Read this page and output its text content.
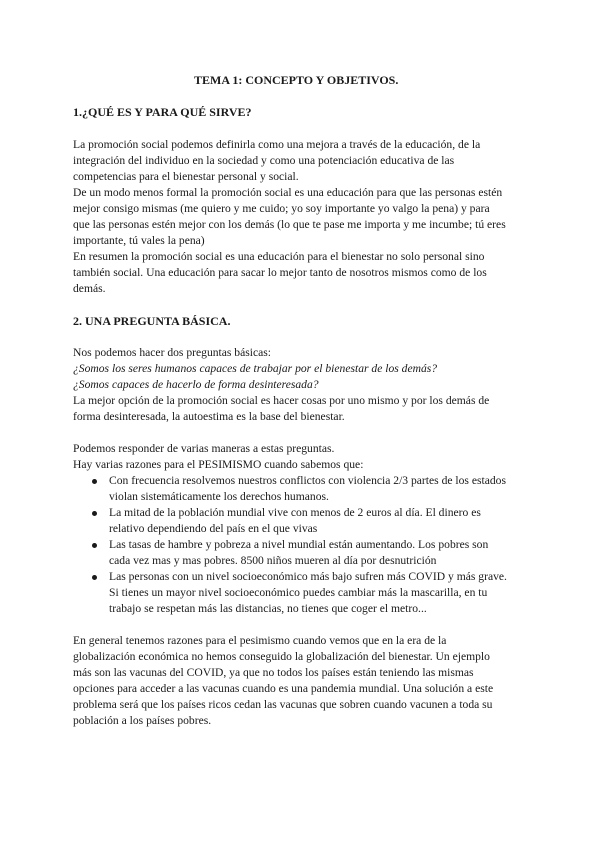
TEMA 1: CONCEPTO Y OBJETIVOS.
1.¿QUÉ ES Y PARA QUÉ SIRVE?
La promoción social podemos definirla como una mejora a través de la educación, de la
integración del individuo en la sociedad y como una potenciación educativa de las
competencias para el bienestar personal y social.
De un modo menos formal la promoción social es una educación para que las personas estén
mejor consigo mismas (me quiero y me cuido; yo soy importante yo valgo la pena) y para
que las personas estén mejor con los demás (lo que te pase me importa y me incumbe; tú eres
importante, tú vales la pena)
En resumen la promoción social es una educación para el bienestar no solo personal sino
también social. Una educación para sacar lo mejor tanto de nosotros mismos como de los
demás.
2. UNA PREGUNTA BÁSICA.
Nos podemos hacer dos preguntas básicas:
¿Somos los seres humanos capaces de trabajar por el bienestar de los demás?
¿Somos capaces de hacerlo de forma desinteresada?
La mejor opción de la promoción social es hacer cosas por uno mismo y por los demás de
forma desinteresada, la autoestima es la base del bienestar.
Podemos responder de varias maneras a estas preguntas.
Hay varias razones para el PESIMISMO cuando sabemos que:
Con frecuencia resolvemos nuestros conflictos con violencia 2/3 partes de los estados
violan sistemáticamente los derechos humanos.
La mitad de la población mundial vive con menos de 2 euros al día. El dinero es
relativo dependiendo del país en el que vivas
Las tasas de hambre y pobreza a nivel mundial están aumentando. Los pobres son
cada vez mas y mas pobres. 8500 niños mueren al día por desnutrición
Las personas con un nivel socioeconómico más bajo sufren más COVID y más grave.
Si tienes un mayor nivel socioeconómico puedes cambiar más la mascarilla, en tu
trabajo se respetan más las distancias, no tienes que coger el metro...
En general tenemos razones para el pesimismo cuando vemos que en la era de la
globalización económica no hemos conseguido la globalización del bienestar. Un ejemplo
más son las vacunas del COVID, ya que no todos los países están teniendo las mismas
opciones para acceder a las vacunas cuando es una pandemia mundial. Una solución a este
problema será que los países ricos cedan las vacunas que sobren cuando vacunen a toda su
población a los países pobres.
